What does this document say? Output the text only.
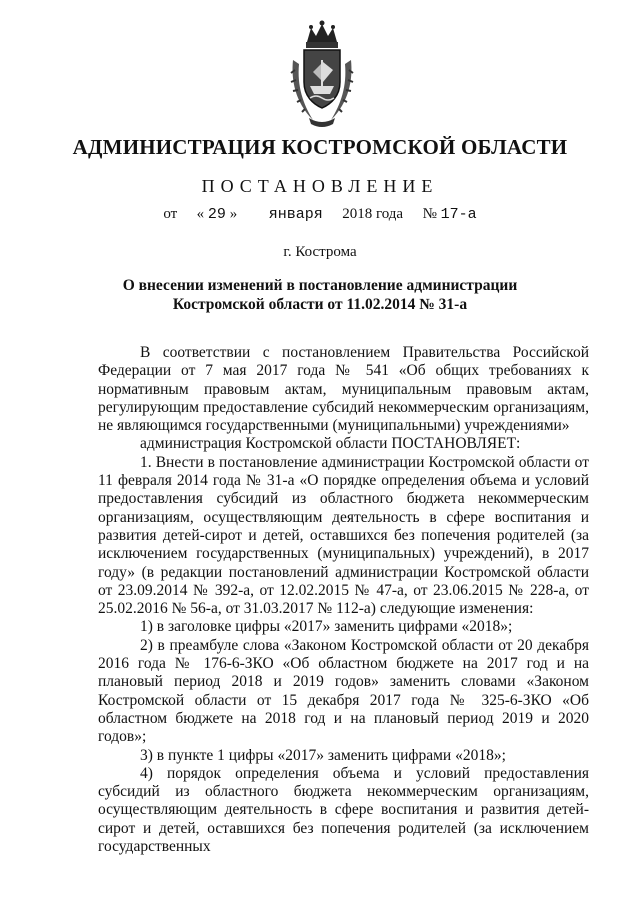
АДМИНИСТРАЦИЯ КОСТРОМСКОЙ ОБЛАСТИ
ПОСТАНОВЛЕНИЕ
от « 29 » января 2018 года № 17-а
г. Кострома
О внесении изменений в постановление администрации
Костромской области от 11.02.2014 № 31-а

В соответствии с постановлением Правительства Российской Федерации от 7 мая 2017 года № 541 «Об общих требованиях к нормативным правовым актам, муниципальным правовым актам, регулирующим предоставление субсидий некоммерческим организациям, не являющимся государственными (муниципальными) учреждениями»

администрация Костромской области ПОСТАНОВЛЯЕТ:

1. Внести в постановление администрации Костромской области от 11 февраля 2014 года № 31-а «О порядке определения объема и условий предоставления субсидий из областного бюджета некоммерческим организациям, осуществляющим деятельность в сфере воспитания и развития детей-сирот и детей, оставшихся без попечения родителей (за исключением государственных (муниципальных) учреждений), в 2017 году» (в редакции постановлений администрации Костромской области от 23.09.2014 № 392-а, от 12.02.2015 № 47-а, от 23.06.2015 № 228-а, от 25.02.2016 № 56-а, от 31.03.2017 № 112-а) следующие изменения:

1) в заголовке цифры «2017» заменить цифрами «2018»;

2) в преамбуле слова «Законом Костромской области от 20 декабря 2016 года № 176-6-ЗКО «Об областном бюджете на 2017 год и на плановый период 2018 и 2019 годов» заменить словами «Законом Костромской области от 15 декабря 2017 года № 325-6-ЗКО «Об областном бюджете на 2018 год и на плановый период 2019 и 2020 годов»;

3) в пункте 1 цифры «2017» заменить цифрами «2018»;

4) порядок определения объема и условий предоставления субсидий из областного бюджета некоммерческим организациям, осуществляющим деятельность в сфере воспитания и развития детей-сирот и детей, оставшихся без попечения родителей (за исключением государственных
